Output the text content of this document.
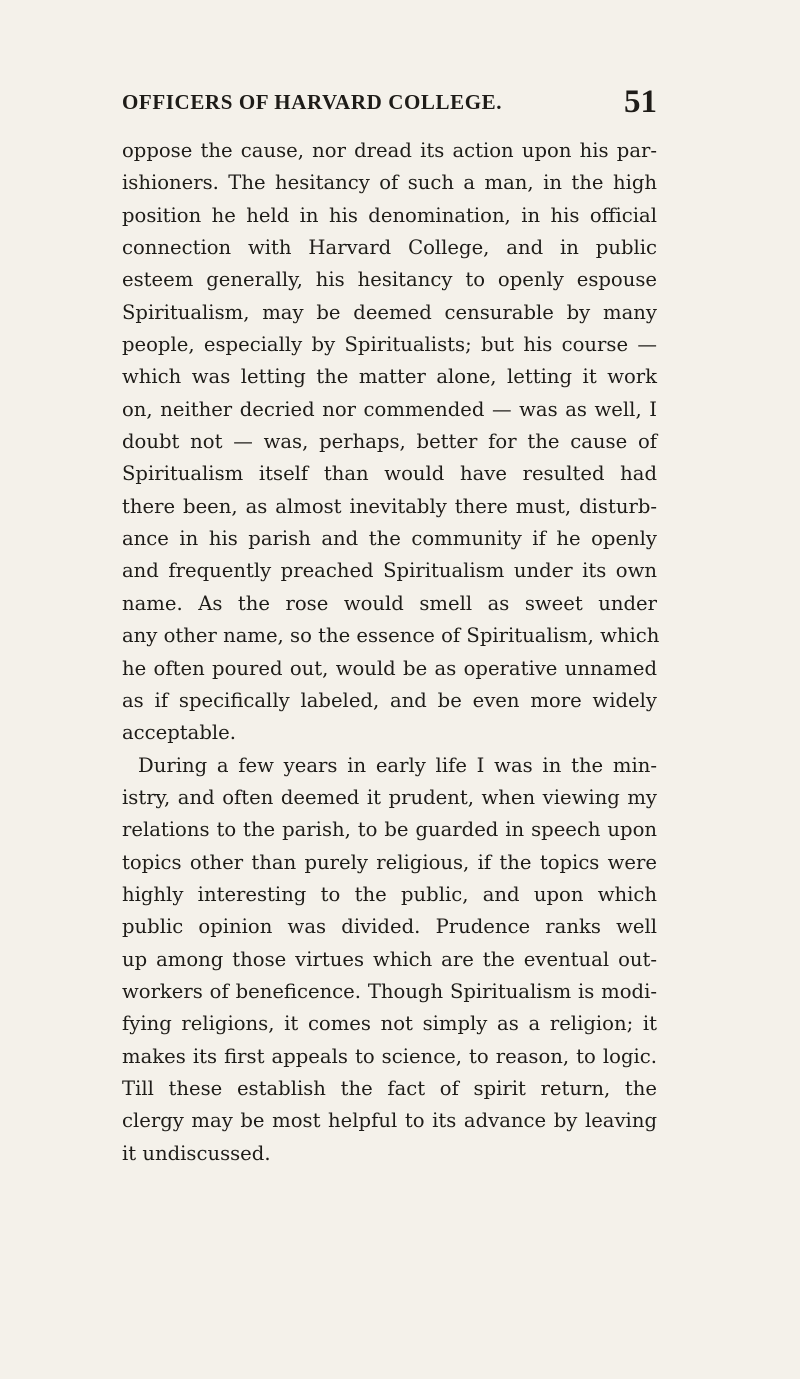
OFFICERS OF HARVARD COLLEGE.	51
oppose the cause, nor dread its action upon his par-
ishioners. The hesitancy of such a man, in the high
position he held in his denomination, in his official
connection with Harvard College, and in public
esteem generally, his hesitancy to openly espouse
Spiritualism, may be deemed censurable by many
people, especially by Spiritualists; but his course —
which was letting the matter alone, letting it work
on, neither decried nor commended — was as well, I
doubt not — was, perhaps, better for the cause of
Spiritualism itself than would have resulted had
there been, as almost inevitably there must, disturb-
ance in his parish and the community if he openly
and frequently preached Spiritualism under its own
name. As the rose would smell as sweet under
any other name, so the essence of Spiritualism, which
he often poured out, would be as operative unnamed
as if specifically labeled, and be even more widely
acceptable.
During a few years in early life I was in the min-
istry, and often deemed it prudent, when viewing my
relations to the parish, to be guarded in speech upon
topics other than purely religious, if the topics were
highly interesting to the public, and upon which
public opinion was divided. Prudence ranks well
up among those virtues which are the eventual out-
workers of beneficence. Though Spiritualism is modi-
fying religions, it comes not simply as a religion; it
makes its first appeals to science, to reason, to logic.
Till these establish the fact of spirit return, the
clergy may be most helpful to its advance by leaving
it undiscussed.
